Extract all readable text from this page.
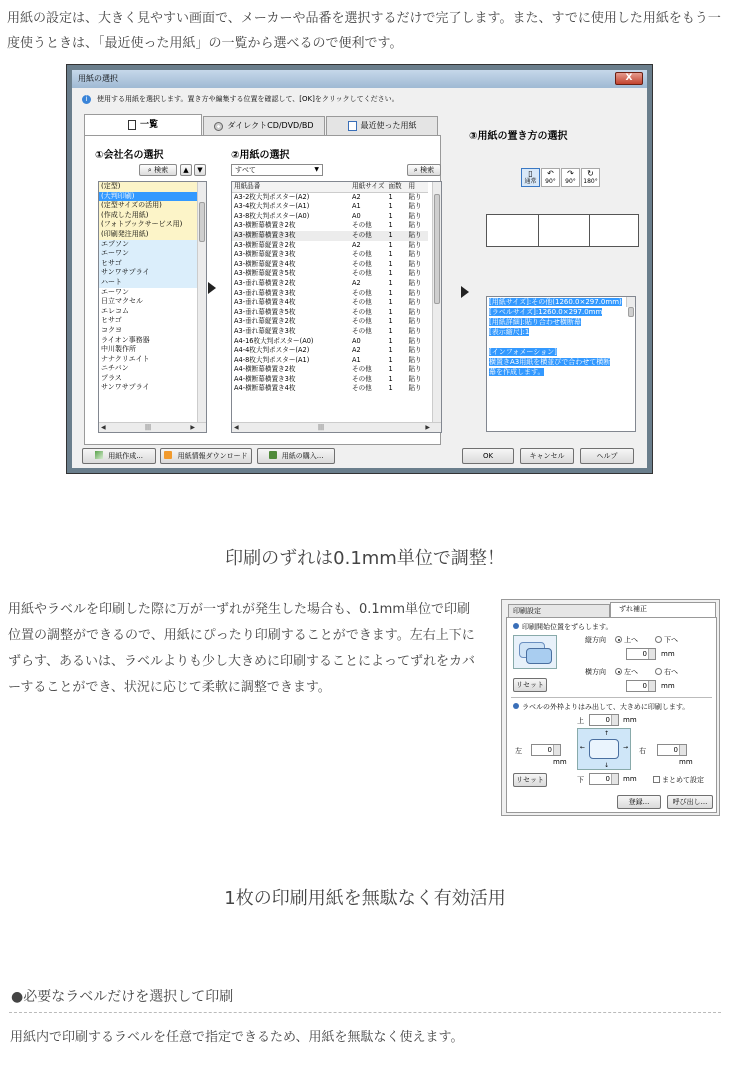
用紙の設定は、大きく見やすい画面で、メーカーや品番を選択するだけで完了します。また、すでに使用した用紙をもう一度使うときは、「最近使った用紙」の一覧から選べるので便利です。
用紙の選択	X
i	使用する用紙を選択します。置き方や編集する位置を確認して、[OK]をクリックしてください。
一覧	ダイレクトCD/DVD/BD	最近使った用紙
①会社名の選択	②用紙の選択
⌕ 検索	▲	▼	すべて	▼	⌕ 検索
(定型)
(大判印刷)
(定型サイズの活用)
(作成した用紙)
(フォトブックサービス用)
(印刷発注用紙)
エプソン
エーワン
ヒサゴ
サンワサプライ
ハート
エーワン
日立マクセル
エレコム
ヒサゴ
コクヨ
ライオン事務器
中川製作所
ナナクリエイト
ニチバン
プラス
サンワサプライ
◀	|||	▶
用紙品番	用紙サイズ	面数	用
A3-2枚大判ポスター(A2)	A2	1	貼り
A3-4枚大判ポスター(A1)	A1	1	貼り
A3-8枚大判ポスター(A0)	A0	1	貼り
A3-横断幕横置き2枚	その他	1	貼り
A3-横断幕横置き3枚	その他	1	貼り
A3-横断幕縦置き2枚	A2	1	貼り
A3-横断幕縦置き3枚	その他	1	貼り
A3-横断幕縦置き4枚	その他	1	貼り
A3-横断幕縦置き5枚	その他	1	貼り
A3-垂れ幕横置き2枚	A2	1	貼り
A3-垂れ幕横置き3枚	その他	1	貼り
A3-垂れ幕横置き4枚	その他	1	貼り
A3-垂れ幕横置き5枚	その他	1	貼り
A3-垂れ幕縦置き2枚	その他	1	貼り
A3-垂れ幕縦置き3枚	その他	1	貼り
A4-16枚大判ポスター(A0)	A0	1	貼り
A4-4枚大判ポスター(A2)	A2	1	貼り
A4-8枚大判ポスター(A1)	A1	1	貼り
A4-横断幕横置き2枚	その他	1	貼り
A4-横断幕横置き3枚	その他	1	貼り
A4-横断幕横置き4枚	その他	1	貼り
◀	|||	▶
③用紙の置き方の選択
▯
通常
↶
90°
↷
90°
↻
180°
[用紙サイズ]:その他(1260.0×297.0mm)
[ラベルサイズ]:1260.0×297.0mm
[用紙詳細]:貼り合わせ横断幕
[表示縮尺]:1
[インフォメーション]
横置きA3用紙を横並びで合わせて横断
幕を作成します。
用紙作成...	用紙情報ダウンロード	用紙の購入...	OK	キャンセル	ヘルプ
印刷のずれは0.1mm単位で調整！
用紙やラベルを印刷した際に万が一ずれが発生した場合も、0.1mm単位で印刷位置の調整ができるので、用紙にぴったり印刷することができます。左右上下にずらす、あるいは、ラベルよりも少し大きめに印刷することによってずれをカバーすることができ、状況に応じて柔軟に調整できます。
印刷設定	ずれ補正
印刷開始位置をずらします。
縦方向	上へ	下へ
0	mm
横方向	左へ	右へ
0	mm
リセット
ラベルの外枠よりはみ出して、大きめに印刷します。
上	0	mm
↑
↓
←	→
左	0
mm
右	0
mm
リセット	下	0	mm	まとめて設定
登録...	呼び出し...
1枚の印刷用紙を無駄なく有効活用
●必要なラベルだけを選択して印刷
用紙内で印刷するラベルを任意で指定できるため、用紙を無駄なく使えます。
